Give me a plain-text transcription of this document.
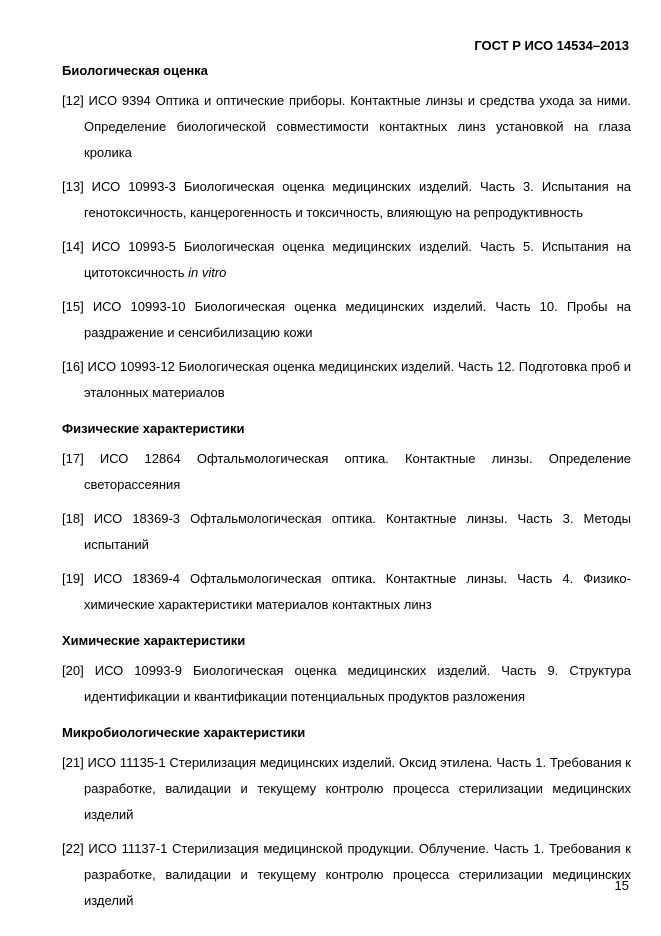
ГОСТ Р ИСО 14534–2013
Биологическая оценка
[12] ИСО 9394 Оптика и оптические приборы. Контактные линзы и средства ухода за ними. Определение биологической совместимости контактных линз установкой на глаза кролика
[13] ИСО 10993-3 Биологическая оценка медицинских изделий. Часть 3. Испытания на генотоксичность, канцерогенность и токсичность, влияющую на репродуктивность
[14] ИСО 10993-5 Биологическая оценка медицинских изделий. Часть 5. Испытания на цитотоксичность in vitro
[15] ИСО 10993-10 Биологическая оценка медицинских изделий. Часть 10. Пробы на раздражение и сенсибилизацию кожи
[16] ИСО 10993-12 Биологическая оценка медицинских изделий. Часть 12. Подготовка проб и эталонных материалов
Физические характеристики
[17] ИСО 12864 Офтальмологическая оптика. Контактные линзы. Определение светорассеяния
[18] ИСО 18369-3 Офтальмологическая оптика. Контактные линзы. Часть 3. Методы испытаний
[19] ИСО 18369-4 Офтальмологическая оптика. Контактные линзы. Часть 4. Физико-химические характеристики материалов контактных линз
Химические характеристики
[20] ИСО 10993-9 Биологическая оценка медицинских изделий. Часть 9. Структура идентификации и квантификации потенциальных продуктов разложения
Микробиологические характеристики
[21] ИСО 11135-1 Стерилизация медицинских изделий. Оксид этилена. Часть 1. Требования к разработке, валидации и текущему контролю процесса стерилизации медицинских изделий
[22] ИСО 11137-1 Стерилизация медицинской продукции. Облучение. Часть 1. Требования к разработке, валидации и текущему контролю процесса стерилизации медицинских изделий
15
